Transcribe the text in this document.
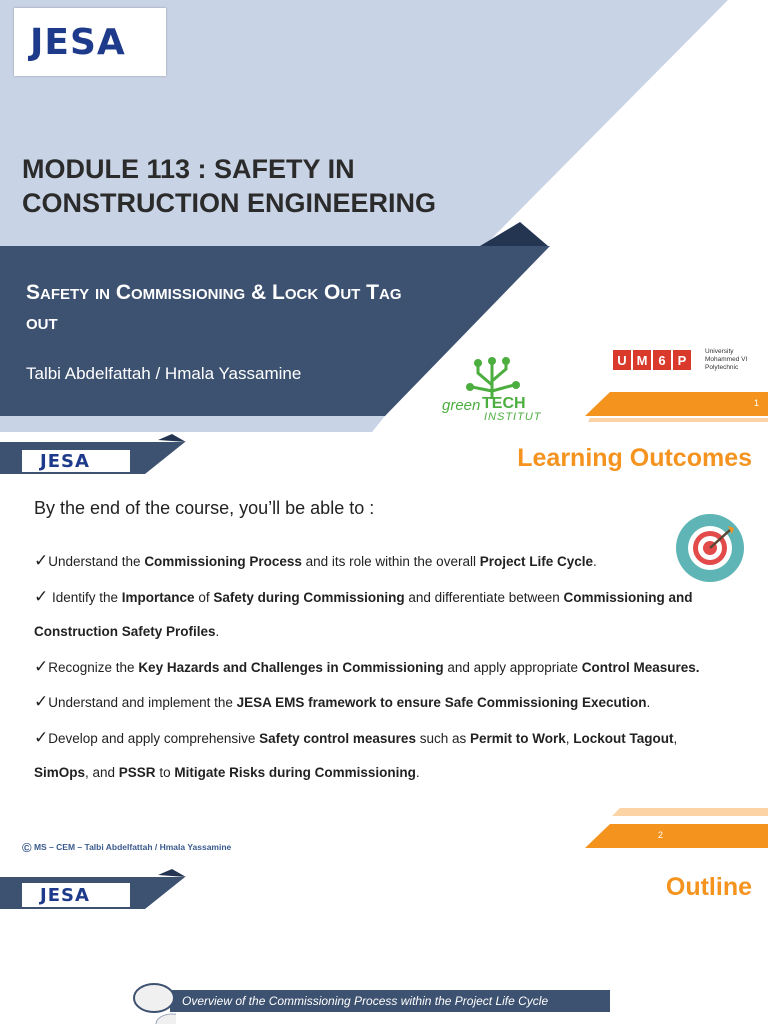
JESA
MODULE 113 : SAFETY IN CONSTRUCTION ENGINEERING
Safety in Commissioning & Lock Out Tag out
Talbi Abdelfattah / Hmala Yassamine
green TECH
INSTITUT
U M 6 P
University
Mohammed VI
Polytechnic
1
JESA	Learning Outcomes
By the end of the course, you’ll be able to :
✓Understand the Commissioning Process and its role within the overall Project Life Cycle.
✓ Identify the Importance of Safety during Commissioning and differentiate between Commissioning and Construction Safety Profiles.
✓Recognize the Key Hazards and Challenges in Commissioning and apply appropriate Control Measures.
✓Understand and implement the JESA EMS framework to ensure Safe Commissioning Execution.
✓Develop and apply comprehensive Safety control measures such as Permit to Work, Lockout Tagout, SimOps, and PSSR to Mitigate Risks during Commissioning.
© MS – CEM – Talbi Abdelfattah / Hmala Yassamine
2
JESA	Outline
Overview of the Commissioning Process within the Project Life Cycle
